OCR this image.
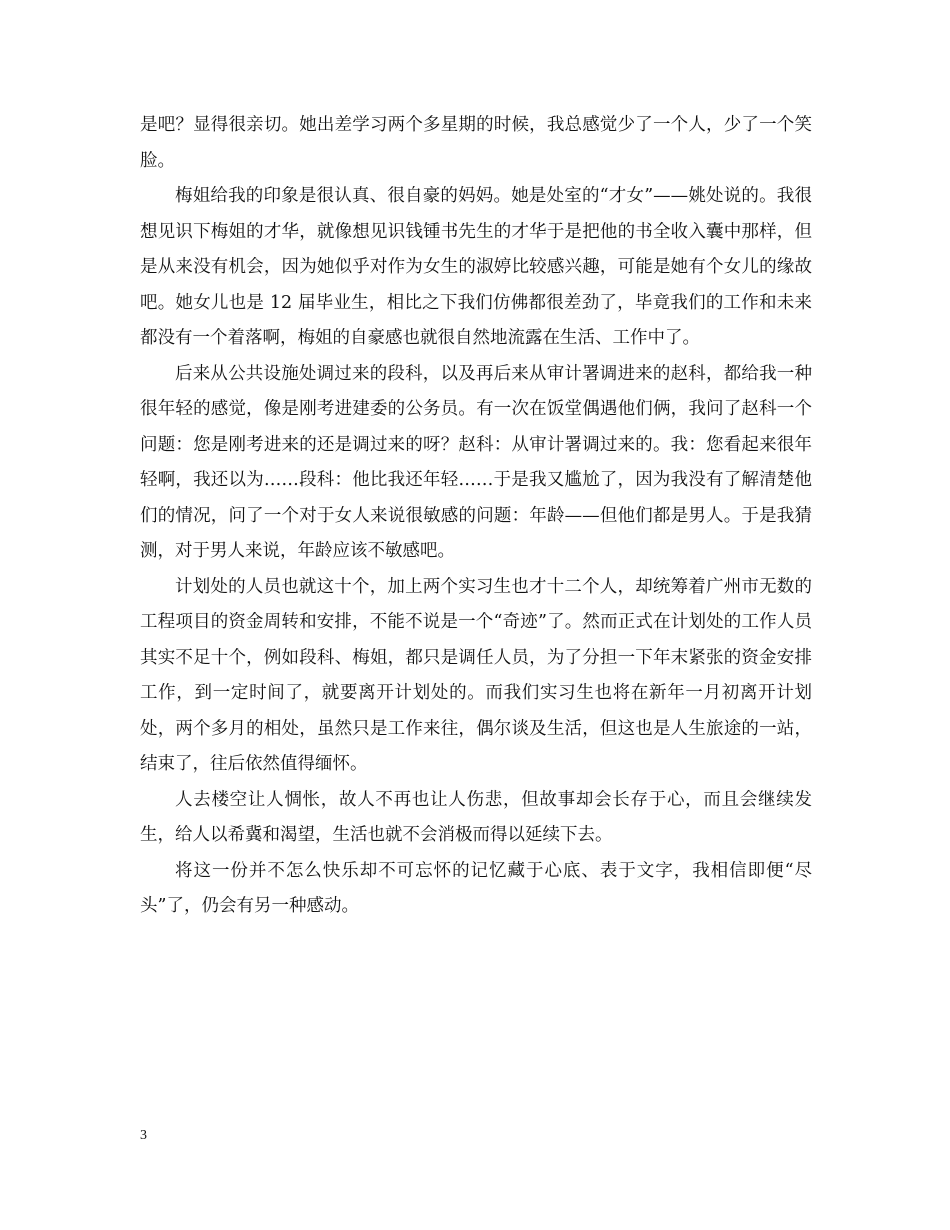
是吧？显得很亲切。她出差学习两个多星期的时候，我总感觉少了一个人，少了一个笑脸。

梅姐给我的印象是很认真、很自豪的妈妈。她是处室的“才女”——姚处说的。我很想见识下梅姐的才华，就像想见识钱锺书先生的才华于是把他的书全收入囊中那样，但是从来没有机会，因为她似乎对作为女生的淑婷比较感兴趣，可能是她有个女儿的缘故吧。她女儿也是 12 届毕业生，相比之下我们仿佛都很差劲了，毕竟我们的工作和未来都没有一个着落啊，梅姐的自豪感也就很自然地流露在生活、工作中了。

后来从公共设施处调过来的段科，以及再后来从审计署调进来的赵科，都给我一种很年轻的感觉，像是刚考进建委的公务员。有一次在饭堂偶遇他们俩，我问了赵科一个问题：您是刚考进来的还是调过来的呀？赵科：从审计署调过来的。我：您看起来很年轻啊，我还以为……段科：他比我还年轻……于是我又尴尬了，因为我没有了解清楚他们的情况，问了一个对于女人来说很敏感的问题：年龄——但他们都是男人。于是我猜测，对于男人来说，年龄应该不敏感吧。

计划处的人员也就这十个，加上两个实习生也才十二个人，却统筹着广州市无数的工程项目的资金周转和安排，不能不说是一个“奇迹”了。然而正式在计划处的工作人员其实不足十个，例如段科、梅姐，都只是调任人员，为了分担一下年末紧张的资金安排工作，到一定时间了，就要离开计划处的。而我们实习生也将在新年一月初离开计划处，两个多月的相处，虽然只是工作来往，偶尔谈及生活，但这也是人生旅途的一站，结束了，往后依然值得缅怀。

人去楼空让人惆怅，故人不再也让人伤悲，但故事却会长存于心，而且会继续发生，给人以希冀和渴望，生活也就不会消极而得以延续下去。

将这一份并不怎么快乐却不可忘怀的记忆藏于心底、表于文字，我相信即便“尽头”了，仍会有另一种感动。

3
